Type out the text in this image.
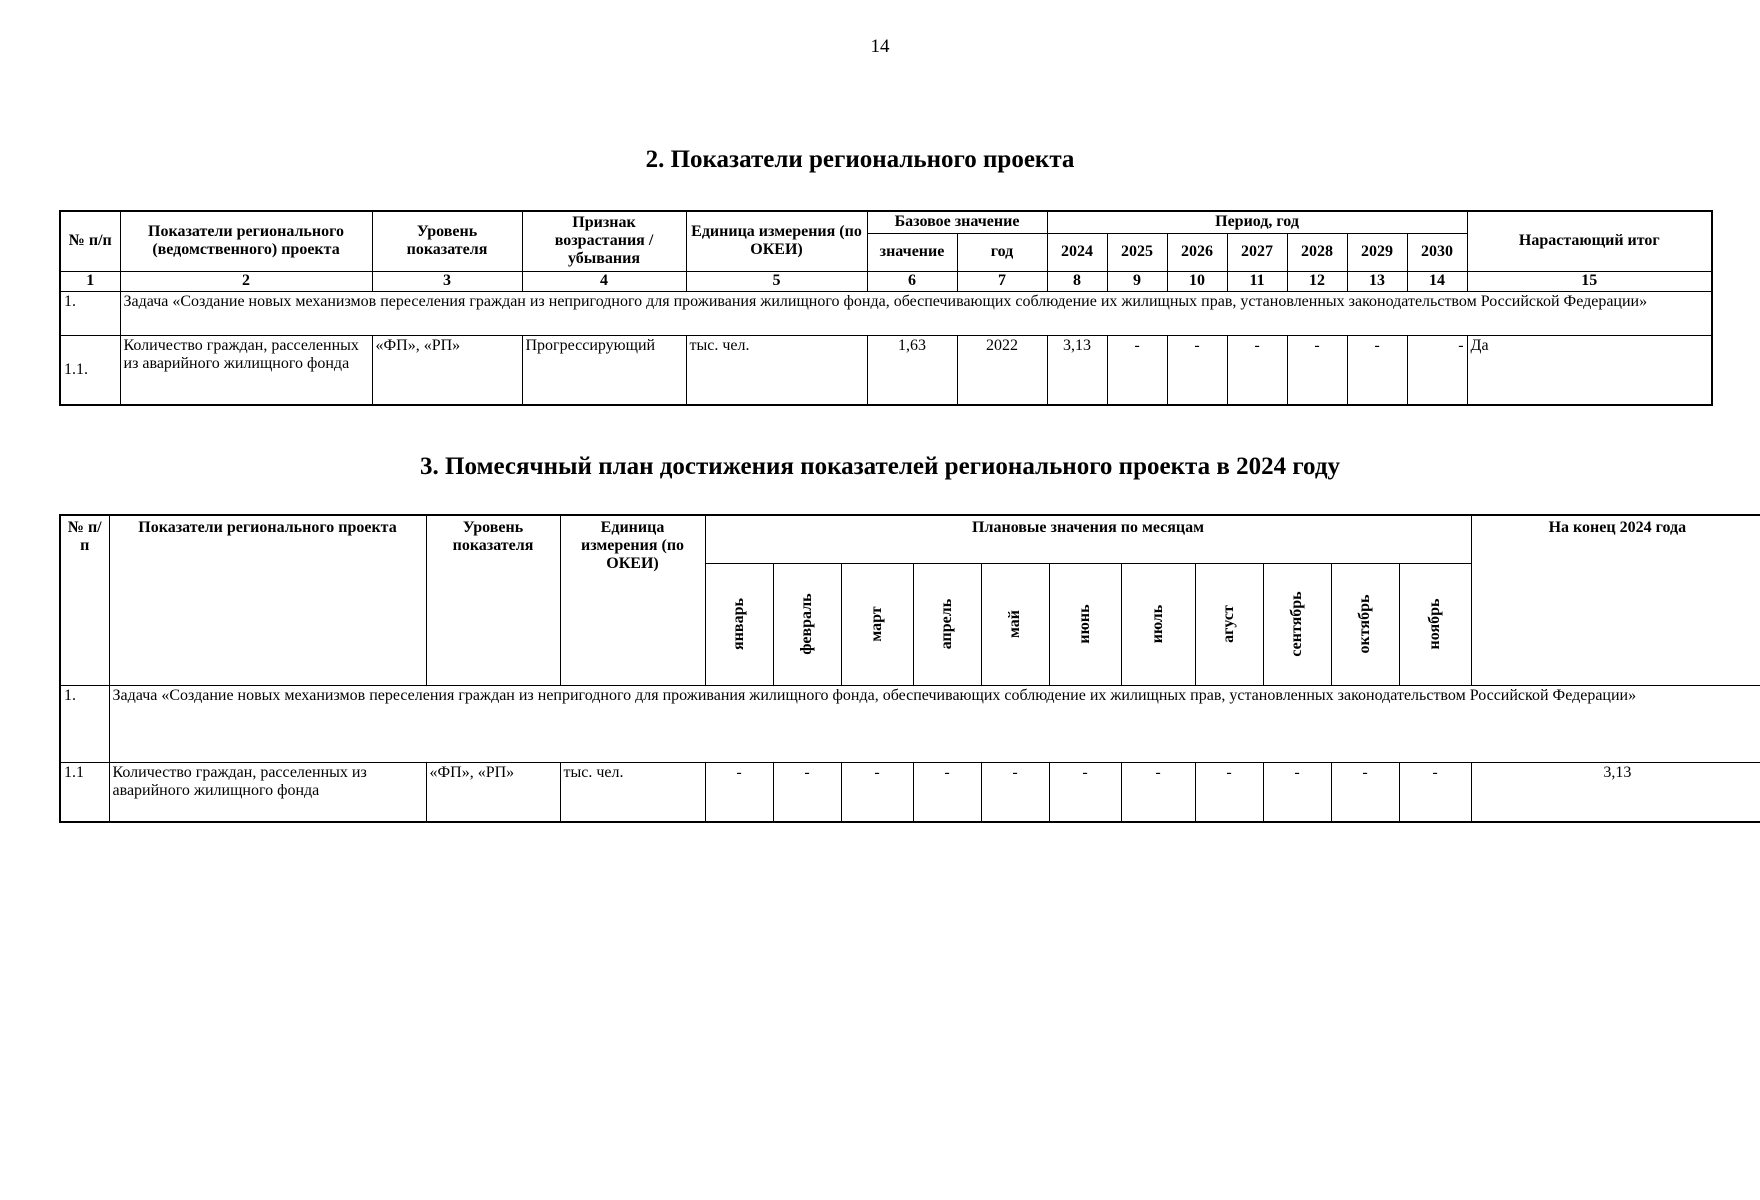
14
2. Показатели регионального проекта
№ п/п	Показатели регионального (ведомственного) проекта	Уровень показателя	Признак возрастания / убывания	Единица измерения (по ОКЕИ)	Базовое значение		Период, год							Нарастающий итог
					значение	год	2024	2025	2026	2027	2028	2029	2030	
1	2	3	4	5	6	7	8	9	10	11	12	13	14	15
1.	Задача «Создание новых механизмов переселения граждан из непригодного для проживания жилищного фонда, обеспечивающих соблюдение их жилищных прав, установленных законодательством Российской Федерации»													
1.1.	Количество граждан, расселенных из аварийного жилищного фонда	«ФП», «РП»	Прогрессирующий	тыс. чел.	1,63	2022	3,13	-	-	-	-	-	-	Да
3. Помесячный план достижения показателей регионального проекта в 2024 году
№ п/п	Показатели регионального проекта	Уровень показателя	Единица измерения (по ОКЕИ)	Плановые значения по месяцам											На конец 2024 года

				январь	февраль	март	апрель	май	июнь	июль	агуст	сентябрь	октябрь	ноябрь	

1.	Задача «Создание новых механизмов переселения граждан из непригодного для проживания жилищного фонда, обеспечивающих соблюдение их жилищных прав, установленных законодательством Российской Федерации»														
1.1	Количество граждан, расселенных из аварийного жилищного фонда	«ФП», «РП»	тыс. чел.	-	-	-	-	-	-	-	-	-	-	-	3,13
